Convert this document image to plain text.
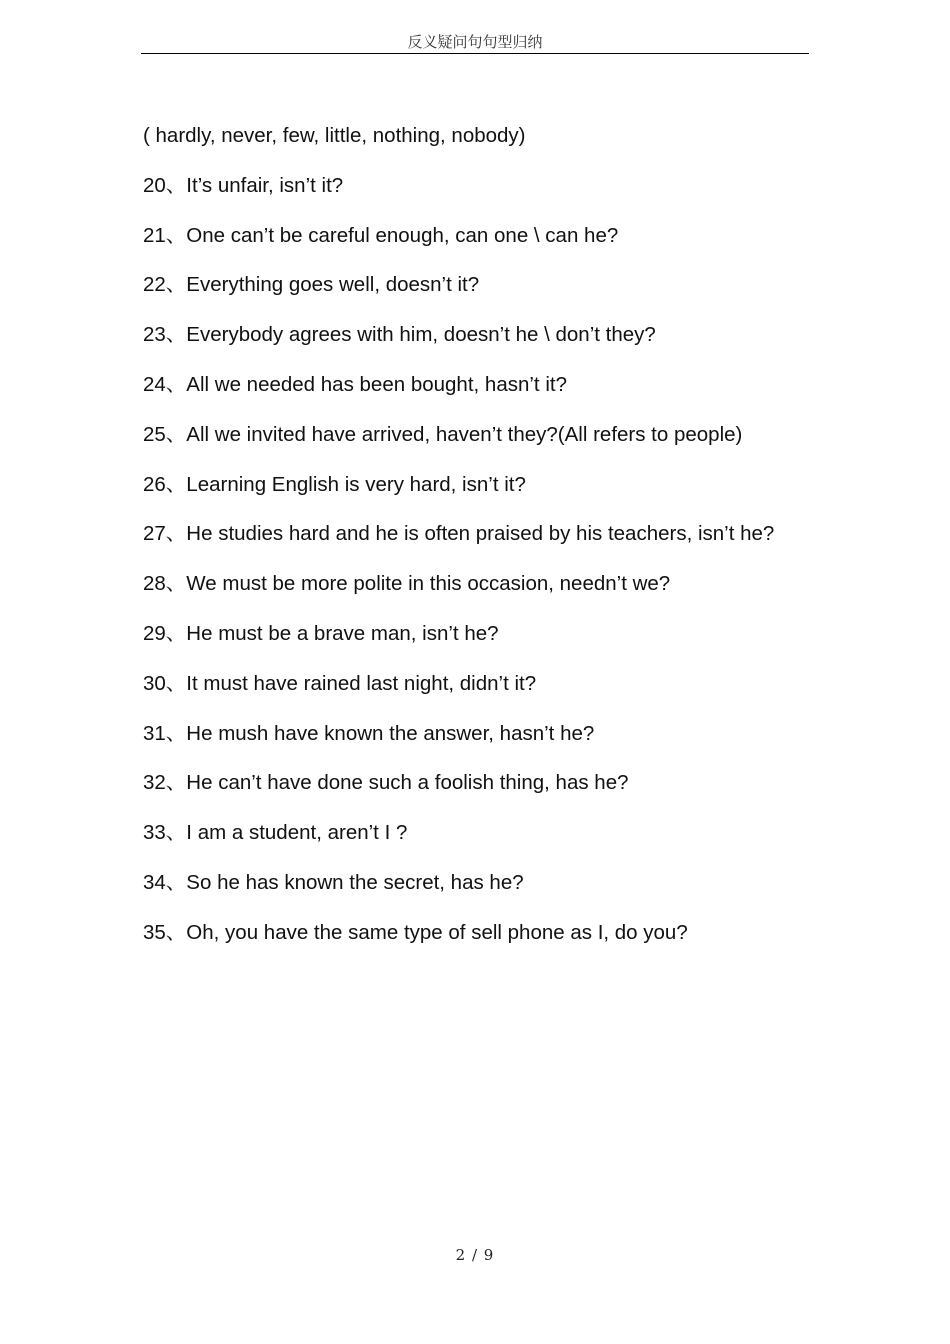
反义疑问句句型归纳
( hardly, never, few, little, nothing, nobody)
20、It’s unfair, isn’t it?
21、One can’t be careful enough, can one \ can he?
22、Everything goes well, doesn’t it?
23、Everybody agrees with him, doesn’t he \ don’t they?
24、All we needed has been bought, hasn’t it?
25、All we invited have arrived, haven’t they?(All refers to people)
26、Learning English is very hard, isn’t it?
27、He studies hard and he is often praised by his teachers, isn’t he?
28、We must be more polite in this occasion, needn’t we?
29、He must be a brave man, isn’t he?
30、It must have rained last night, didn’t it?
31、He mush have known the answer, hasn’t he?
32、He can’t have done such a foolish thing, has he?
33、I am a student, aren’t I ?
34、So he has known the secret, has he?
35、Oh, you have the same type of sell phone as I, do you?
2 / 9
